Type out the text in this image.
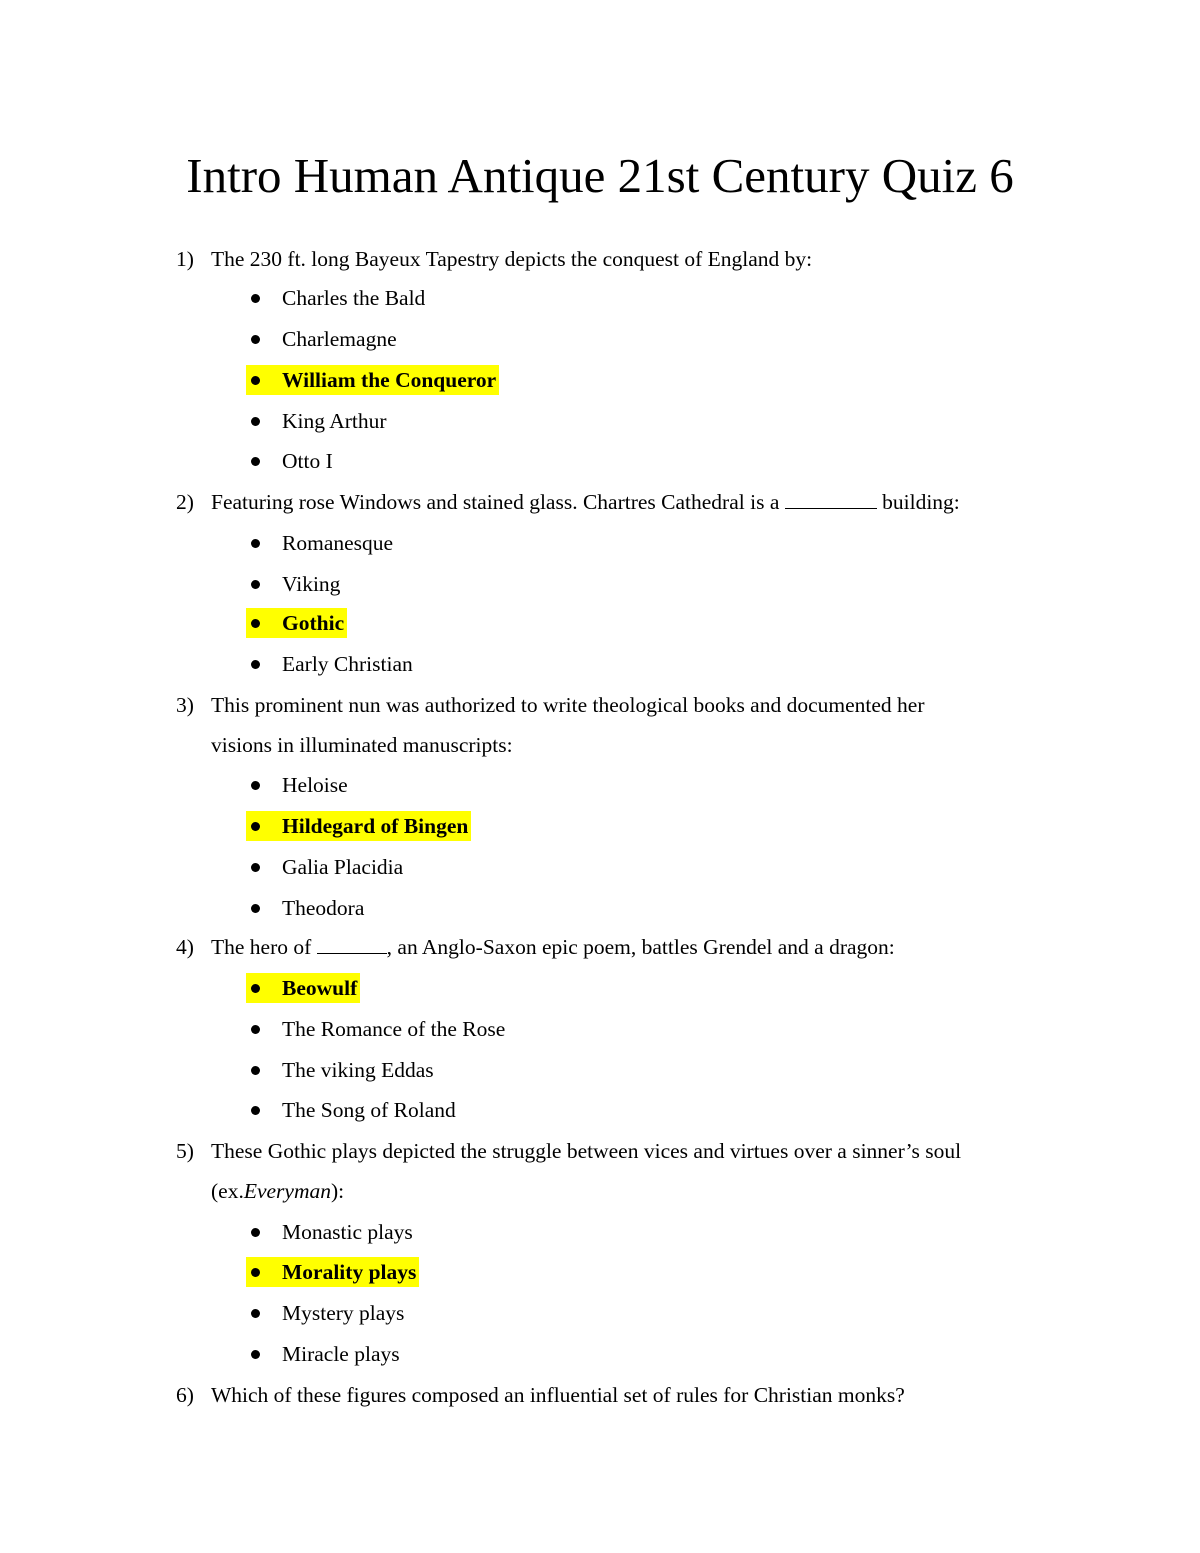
Intro Human Antique 21st Century Quiz 6
1) The 230 ft. long Bayeux Tapestry depicts the conquest of England by:
Charles the Bald
Charlemagne
William the Conqueror
King Arthur
Otto I
2) Featuring rose Windows and stained glass. Chartres Cathedral is a	building:
Romanesque
Viking
Gothic
Early Christian
3) This prominent nun was authorized to write theological books and documented her
visions in illuminated manuscripts:
Heloise
Hildegard of Bingen
Galia Placidia
Theodora
4) The hero of	, an Anglo-Saxon epic poem, battles Grendel and a dragon:
Beowulf
The Romance of the Rose
The viking Eddas
The Song of Roland
5) These Gothic plays depicted the struggle between vices and virtues over a sinner’s soul
(ex.Everyman):
Monastic plays
Morality plays
Mystery plays
Miracle plays
6) Which of these figures composed an influential set of rules for Christian monks?
